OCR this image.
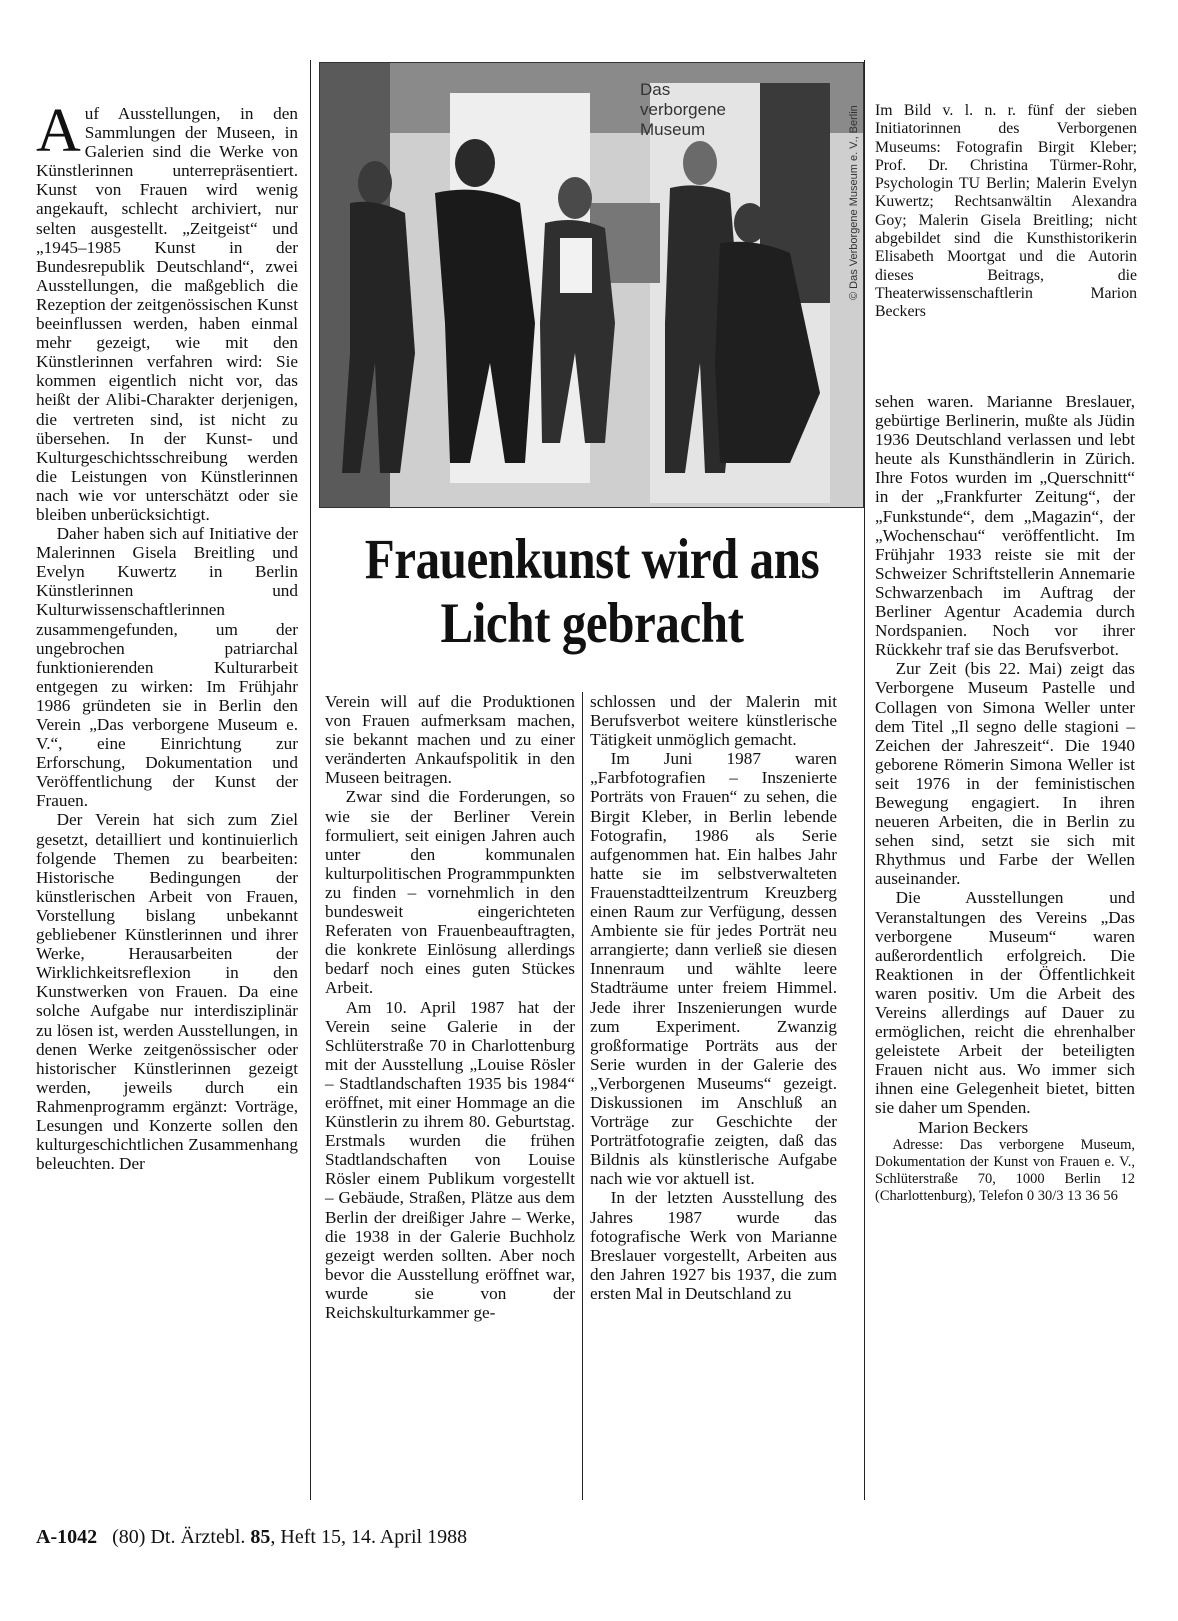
Das verborgene Museum	© Das Verborgene Museum e. V., Berlin
Frauenkunst wird ans Licht gebracht
Im Bild v. l. n. r. fünf der sieben Initiatorinnen des Verborgenen Museums: Fotografin Birgit Kleber; Prof. Dr. Christina Türmer-Rohr, Psychologin TU Berlin; Malerin Evelyn Kuwertz; Rechtsanwältin Alexandra Goy; Malerin Gisela Breitling; nicht abgebildet sind die Kunsthistorikerin Elisabeth Moortgat und die Autorin dieses Beitrags, die Theaterwissenschaftlerin Marion Beckers

Auf Ausstellungen, in den Sammlungen der Museen, in Galerien sind die Werke von Künstlerinnen unterrepräsentiert. Kunst von Frauen wird wenig angekauft, schlecht archiviert, nur selten ausgestellt. „Zeitgeist“ und „1945–1985 Kunst in der Bundesrepublik Deutschland“, zwei Ausstellungen, die maßgeblich die Rezeption der zeitgenössischen Kunst beeinflussen werden, haben einmal mehr gezeigt, wie mit den Künstlerinnen verfahren wird: Sie kommen eigentlich nicht vor, das heißt der Alibi-Charakter derjenigen, die vertreten sind, ist nicht zu übersehen. In der Kunst- und Kulturgeschichtsschreibung werden die Leistungen von Künstlerinnen nach wie vor unterschätzt oder sie bleiben unberücksichtigt.

Daher haben sich auf Initiative der Malerinnen Gisela Breitling und Evelyn Kuwertz in Berlin Künstlerinnen und Kulturwissenschaftlerinnen zusammengefunden, um der ungebrochen patriarchal funktionierenden Kulturarbeit entgegen zu wirken: Im Frühjahr 1986 gründeten sie in Berlin den Verein „Das verborgene Museum e. V.“, eine Einrichtung zur Erforschung, Dokumentation und Veröffentlichung der Kunst der Frauen.

Der Verein hat sich zum Ziel gesetzt, detailliert und kontinuierlich folgende Themen zu bearbeiten: Historische Bedingungen der künstlerischen Arbeit von Frauen, Vorstellung bislang unbekannt gebliebener Künstlerinnen und ihrer Werke, Herausarbeiten der Wirklichkeitsreflexion in den Kunstwerken von Frauen. Da eine solche Aufgabe nur interdisziplinär zu lösen ist, werden Ausstellungen, in denen Werke zeitgenössischer oder historischer Künstlerinnen gezeigt werden, jeweils durch ein Rahmenprogramm ergänzt: Vorträge, Lesungen und Konzerte sollen den kulturgeschichtlichen Zusammenhang beleuchten. Der

Verein will auf die Produktionen von Frauen aufmerksam machen, sie bekannt machen und zu einer veränderten Ankaufspolitik in den Museen beitragen.

Zwar sind die Forderungen, so wie sie der Berliner Verein formuliert, seit einigen Jahren auch unter den kommunalen kulturpolitischen Programmpunkten zu finden – vornehmlich in den bundesweit eingerichteten Referaten von Frauenbeauftragten, die konkrete Einlösung allerdings bedarf noch eines guten Stückes Arbeit.

Am 10. April 1987 hat der Verein seine Galerie in der Schlüterstraße 70 in Charlottenburg mit der Ausstellung „Louise Rösler – Stadtlandschaften 1935 bis 1984“ eröffnet, mit einer Hommage an die Künstlerin zu ihrem 80. Geburtstag. Erstmals wurden die frühen Stadtlandschaften von Louise Rösler einem Publikum vorgestellt – Gebäude, Straßen, Plätze aus dem Berlin der dreißiger Jahre – Werke, die 1938 in der Galerie Buchholz gezeigt werden sollten. Aber noch bevor die Ausstellung eröffnet war, wurde sie von der Reichskulturkammer ge-

schlossen und der Malerin mit Berufsverbot weitere künstlerische Tätigkeit unmöglich gemacht.

Im Juni 1987 waren „Farbfotografien – Inszenierte Porträts von Frauen“ zu sehen, die Birgit Kleber, in Berlin lebende Fotografin, 1986 als Serie aufgenommen hat. Ein halbes Jahr hatte sie im selbstverwalteten Frauenstadtteilzentrum Kreuzberg einen Raum zur Verfügung, dessen Ambiente sie für jedes Porträt neu arrangierte; dann verließ sie diesen Innenraum und wählte leere Stadträume unter freiem Himmel. Jede ihrer Inszenierungen wurde zum Experiment. Zwanzig großformatige Porträts aus der Serie wurden in der Galerie des „Verborgenen Museums“ gezeigt. Diskussionen im Anschluß an Vorträge zur Geschichte der Porträtfotografie zeigten, daß das Bildnis als künstlerische Aufgabe nach wie vor aktuell ist.

In der letzten Ausstellung des Jahres 1987 wurde das fotografische Werk von Marianne Breslauer vorgestellt, Arbeiten aus den Jahren 1927 bis 1937, die zum ersten Mal in Deutschland zu

sehen waren. Marianne Breslauer, gebürtige Berlinerin, mußte als Jüdin 1936 Deutschland verlassen und lebt heute als Kunsthändlerin in Zürich. Ihre Fotos wurden im „Querschnitt“ in der „Frankfurter Zeitung“, der „Funkstunde“, dem „Magazin“, der „Wochenschau“ veröffentlicht. Im Frühjahr 1933 reiste sie mit der Schweizer Schriftstellerin Annemarie Schwarzenbach im Auftrag der Berliner Agentur Academia durch Nordspanien. Noch vor ihrer Rückkehr traf sie das Berufsverbot.

Zur Zeit (bis 22. Mai) zeigt das Verborgene Museum Pastelle und Collagen von Simona Weller unter dem Titel „Il segno delle stagioni – Zeichen der Jahreszeit“. Die 1940 geborene Römerin Simona Weller ist seit 1976 in der feministischen Bewegung engagiert. In ihren neueren Arbeiten, die in Berlin zu sehen sind, setzt sie sich mit Rhythmus und Farbe der Wellen auseinander.

Die Ausstellungen und Veranstaltungen des Vereins „Das verborgene Museum“ waren außerordentlich erfolgreich. Die Reaktionen in der Öffentlichkeit waren positiv. Um die Arbeit des Vereins allerdings auf Dauer zu ermöglichen, reicht die ehrenhalber geleistete Arbeit der beteiligten Frauen nicht aus. Wo immer sich ihnen eine Gelegenheit bietet, bitten sie daher um Spenden.

Marion Beckers

Adresse: Das verborgene Museum, Dokumentation der Kunst von Frauen e. V., Schlüterstraße 70, 1000 Berlin 12 (Charlottenburg), Telefon 0 30/3 13 36 56

A-1042 (80) Dt. Ärztebl. 85, Heft 15, 14. April 1988
